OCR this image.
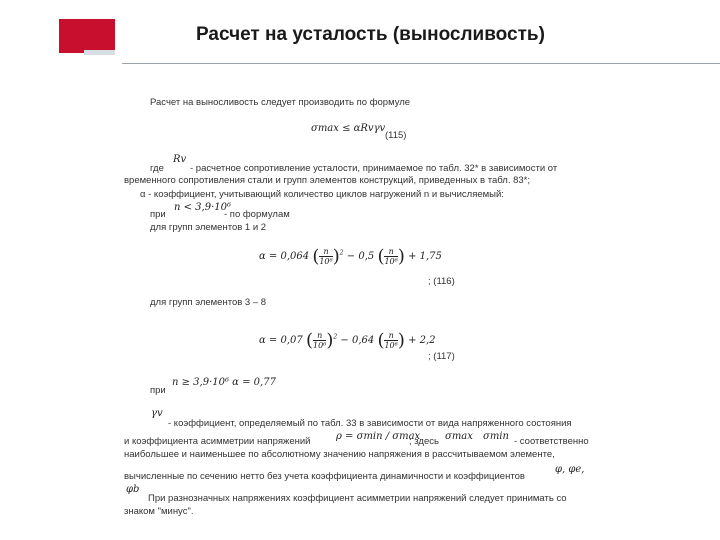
Расчет на усталость (выносливость)
Расчет на выносливость следует производить по формуле
σmax ≤ αRvγv
(115)
где
Rv
- расчетное сопротивление усталости, принимаемое по табл. 32* в зависимости от
временного сопротивления стали и групп элементов конструкций, приведенных в табл. 83*;
α - коэффициент, учитывающий количество циклов нагружений n и вычисляемый:
при
n < 3,9·10⁶
- по формулам
для групп элементов 1 и 2
α = 0,064 ( $\frac{n}{\text{10⁶}} )^2 - 0,5$ ( $\frac{n}{\text{10⁶}}$ ) + 1,75
; (116)
для групп элементов 3 – 8
α = 0,07 ( $\frac{n}{\text{10⁶}} )^2 - 0,64$ ( $\frac{n}{\text{10⁶}}$ ) + 2,2
; (117)
при
n ≥ 3,9·10⁶ α = 0,77
γv
- коэффициент, определяемый по табл. 33 в зависимости от вида напряженного состояния
и коэффициента асимметрии напряжений	ρ = σmin / σmax
; здесь σmax σmin - соответственно
наибольшее и наименьшее по абсолютному значению напряжения в рассчитываемом элементе,
вычисленные по сечению нетто без учета коэффициента динамичности и коэффициентов
φ, φe,
φb
При разнозначных напряжениях коэффициент асимметрии напряжений следует принимать со
знаком "минус".
